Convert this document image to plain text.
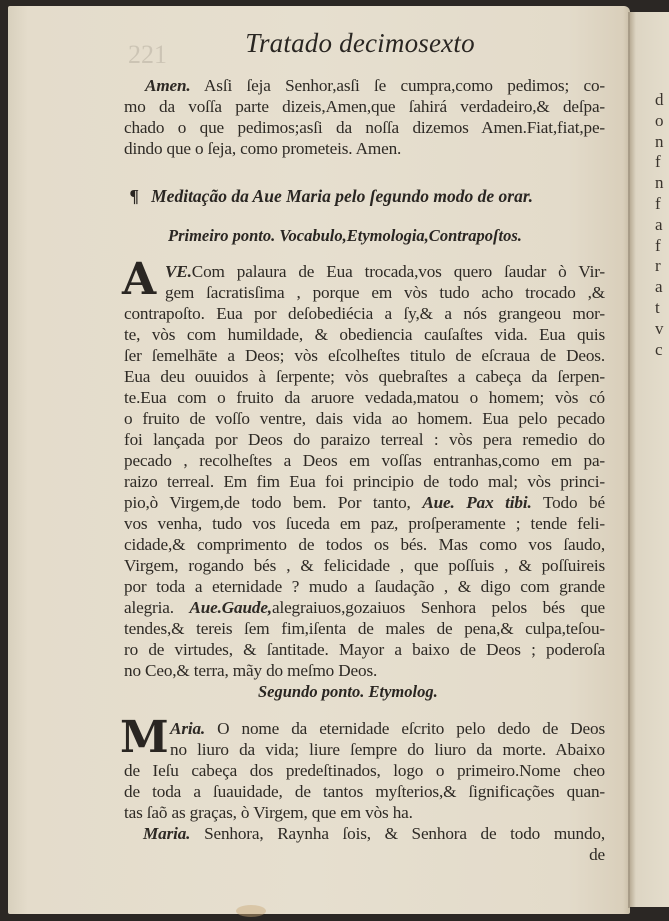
221	Tratado decimosexto
Amen. Asſi ſeja Senhor,asſi ſe cumpra,como pedimos; co-
mo da voſſa parte dizeis,Amen,que ſahirá verdadeiro,& deſpa-
chado o que pedimos;asſi da noſſa dizemos Amen.Fiat,fiat,pe-
dindo que o ſeja, como prometeis. Amen.
¶ Meditação da Aue Maria pelo ſegundo modo de orar.
Primeiro ponto. Vocabulo,Etymologia,Contrapoſtos.
A VE.Com palaura de Eua trocada,vos quero ſaudar ò Vir-
gem ſacratisſima , porque em vòs tudo acho trocado ,&
contrapoſto. Eua por deſobediécia a ſy,& a nós grangeou mor-
te, vòs com humildade, & obediencia cauſaſtes vida. Eua quis
ſer ſemelhāte a Deos; vòs eſcolheſtes titulo de eſcraua de Deos.
Eua deu ouuidos à ſerpente; vòs quebraſtes a cabeça da ſerpen-
te.Eua com o fruito da aruore vedada,matou o homem; vòs có
o fruito de voſſo ventre, dais vida ao homem. Eua pelo pecado
foi lançada por Deos do paraizo terreal : vòs pera remedio do
pecado , recolheſtes a Deos em voſſas entranhas,como em pa-
raizo terreal. Em fim Eua foi principio de todo mal; vòs princi-
pio,ò Virgem,de todo bem. Por tanto, Aue. Pax tibi. Todo bé
vos venha, tudo vos ſuceda em paz, proſperamente ; tende feli-
cidade,& comprimento de todos os bés. Mas como vos ſaudo,
Virgem, rogando bés , & felicidade , que poſſuis , & poſſuireis
por toda a eternidade ? mudo a ſaudação , & digo com grande
alegria. Aue.Gaude,alegraiuos,gozaiuos Senhora pelos bés que
tendes,& tereis ſem fim,iſenta de males de pena,& culpa,teſou-
ro de virtudes, & ſantitade. Mayor a baixo de Deos ; poderoſa
no Ceo,& terra, mãy do meſmo Deos.
Segundo ponto. Etymolog.
M Aria. O nome da eternidade eſcrito pelo dedo de Deos
no liuro da vida; liure ſempre do liuro da morte. Abaixo
de Ieſu cabeça dos predeſtinados, logo o primeiro.Nome cheo
de toda a ſuauidade, de tantos myſterios,& ſignificações quan-
tas ſaõ as graças, ò Virgem, que em vòs ha.
Maria. Senhora, Raynha ſois, & Senhora de todo mundo,
de
d
o
n
f
n
f
a
f
r
a
t
v
c
